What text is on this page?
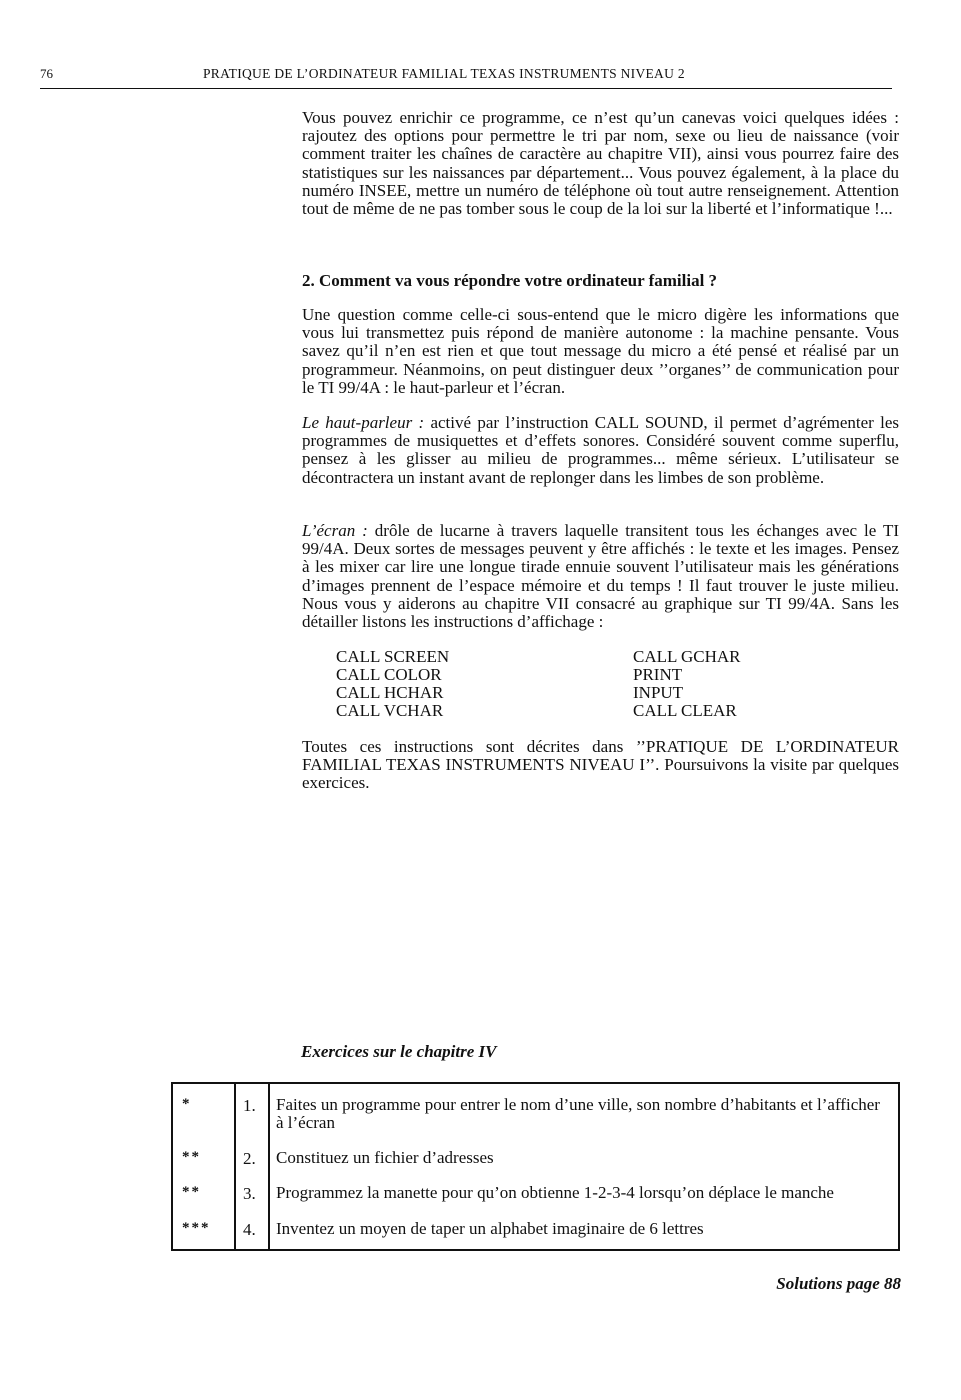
76	PRATIQUE DE L’ORDINATEUR FAMILIAL TEXAS INSTRUMENTS NIVEAU 2

Vous pouvez enrichir ce programme, ce n’est qu’un canevas voici quelques idées : rajoutez des options pour permettre le tri par nom, sexe ou lieu de naissance (voir comment traiter les chaînes de caractère au chapitre VII), ainsi vous pourrez faire des statistiques sur les naissances par département... Vous pouvez également, à la place du numéro INSEE, mettre un numéro de téléphone où tout autre renseignement. Attention tout de même de ne pas tomber sous le coup de la loi sur la liberté et l’informatique !...

2. Comment va vous répondre votre ordinateur familial ?

Une question comme celle-ci sous-entend que le micro digère les informations que vous lui transmettez puis répond de manière autonome : la machine pensante. Vous savez qu’il n’en est rien et que tout message du micro a été pensé et réalisé par un programmeur. Néanmoins, on peut distinguer deux ’’organes’’ de communication pour le TI 99/4A : le haut-parleur et l’écran.

Le haut-parleur : activé par l’instruction CALL SOUND, il permet d’agrémenter les programmes de musiquettes et d’effets sonores. Considéré souvent comme superflu, pensez à les glisser au milieu de programmes... même sérieux. L’utilisateur se décontractera un instant avant de replonger dans les limbes de son problème.

L’écran : drôle de lucarne à travers laquelle transitent tous les échanges avec le TI 99/4A. Deux sortes de messages peuvent y être affichés : le texte et les images. Pensez à les mixer car lire une longue tirade ennuie souvent l’utilisateur mais les générations d’images prennent de l’espace mémoire et du temps ! Il faut trouver le juste milieu. Nous vous y aiderons au chapitre VII consacré au graphique sur TI 99/4A. Sans les détailler listons les instructions d’affichage :

CALL SCREEN
CALL COLOR
CALL HCHAR
CALL VCHAR
CALL GCHAR
PRINT
INPUT
CALL CLEAR

Toutes ces instructions sont décrites dans ’’PRATIQUE DE L’ORDINATEUR FAMILIAL TEXAS INSTRUMENTS NIVEAU I’’. Poursuivons la visite par quelques exercices.

Exercices sur le chapitre IV
*	1. Faites un programme pour entrer le nom d’une ville, son nombre d’habitants et l’afficher à l’écran
** 2. Constituez un fichier d’adresses
** 3. Programmez la manette pour qu’on obtienne 1-2-3-4 lorsqu’on déplace le manche
*** 4. Inventez un moyen de taper un alphabet imaginaire de 6 lettres
Solutions page 88
